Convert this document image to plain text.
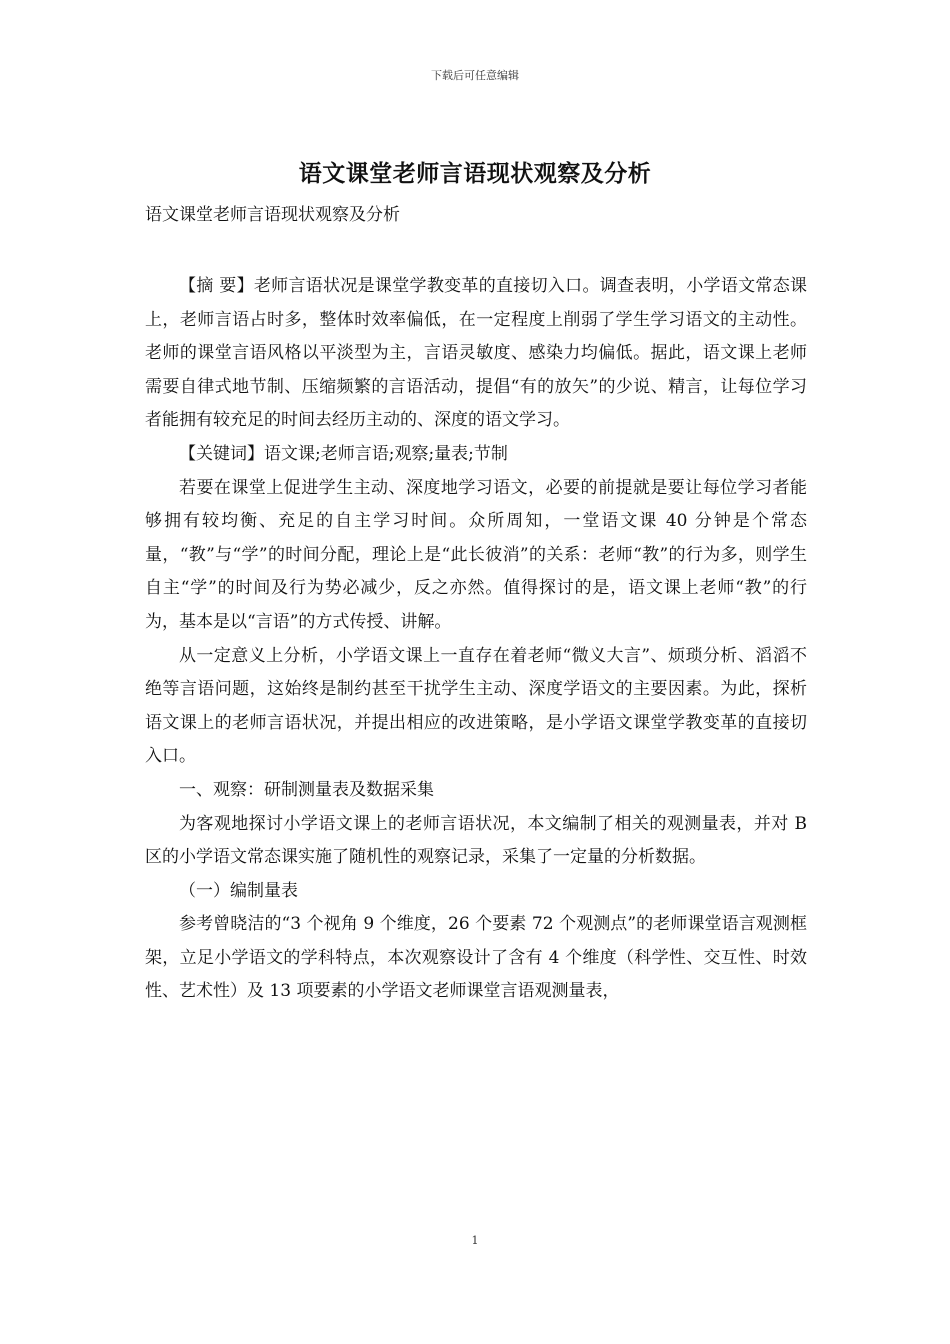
下载后可任意编辑
语文课堂老师言语现状观察及分析

语文课堂老师言语现状观察及分析

【摘 要】老师言语状况是课堂学教变革的直接切入口。调查表明，小学语文常态课上，老师言语占时多，整体时效率偏低，在一定程度上削弱了学生学习语文的主动性。老师的课堂言语风格以平淡型为主，言语灵敏度、感染力均偏低。据此，语文课上老师需要自律式地节制、压缩频繁的言语活动，提倡“有的放矢”的少说、精言，让每位学习者能拥有较充足的时间去经历主动的、深度的语文学习。

【关键词】语文课;老师言语;观察;量表;节制

若要在课堂上促进学生主动、深度地学习语文，必要的前提就是要让每位学习者能够拥有较均衡、充足的自主学习时间。众所周知，一堂语文课 40 分钟是个常态量，“教”与“学”的时间分配，理论上是“此长彼消”的关系：老师“教”的行为多，则学生自主“学”的时间及行为势必减少，反之亦然。值得探讨的是，语文课上老师“教”的行为，基本是以“言语”的方式传授、讲解。

从一定意义上分析，小学语文课上一直存在着老师“微义大言”、烦琐分析、滔滔不绝等言语问题，这始终是制约甚至干扰学生主动、深度学语文的主要因素。为此，探析语文课上的老师言语状况，并提出相应的改进策略，是小学语文课堂学教变革的直接切入口。

一、观察：研制测量表及数据采集

为客观地探讨小学语文课上的老师言语状况，本文编制了相关的观测量表，并对 B 区的小学语文常态课实施了随机性的观察记录，采集了一定量的分析数据。

（一）编制量表

参考曾晓洁的“3 个视角 9 个维度，26 个要素 72 个观测点”的老师课堂语言观测框架，立足小学语文的学科特点，本次观察设计了含有 4 个维度（科学性、交互性、时效性、艺术性）及 13 项要素的小学语文老师课堂言语观测量表，

1
